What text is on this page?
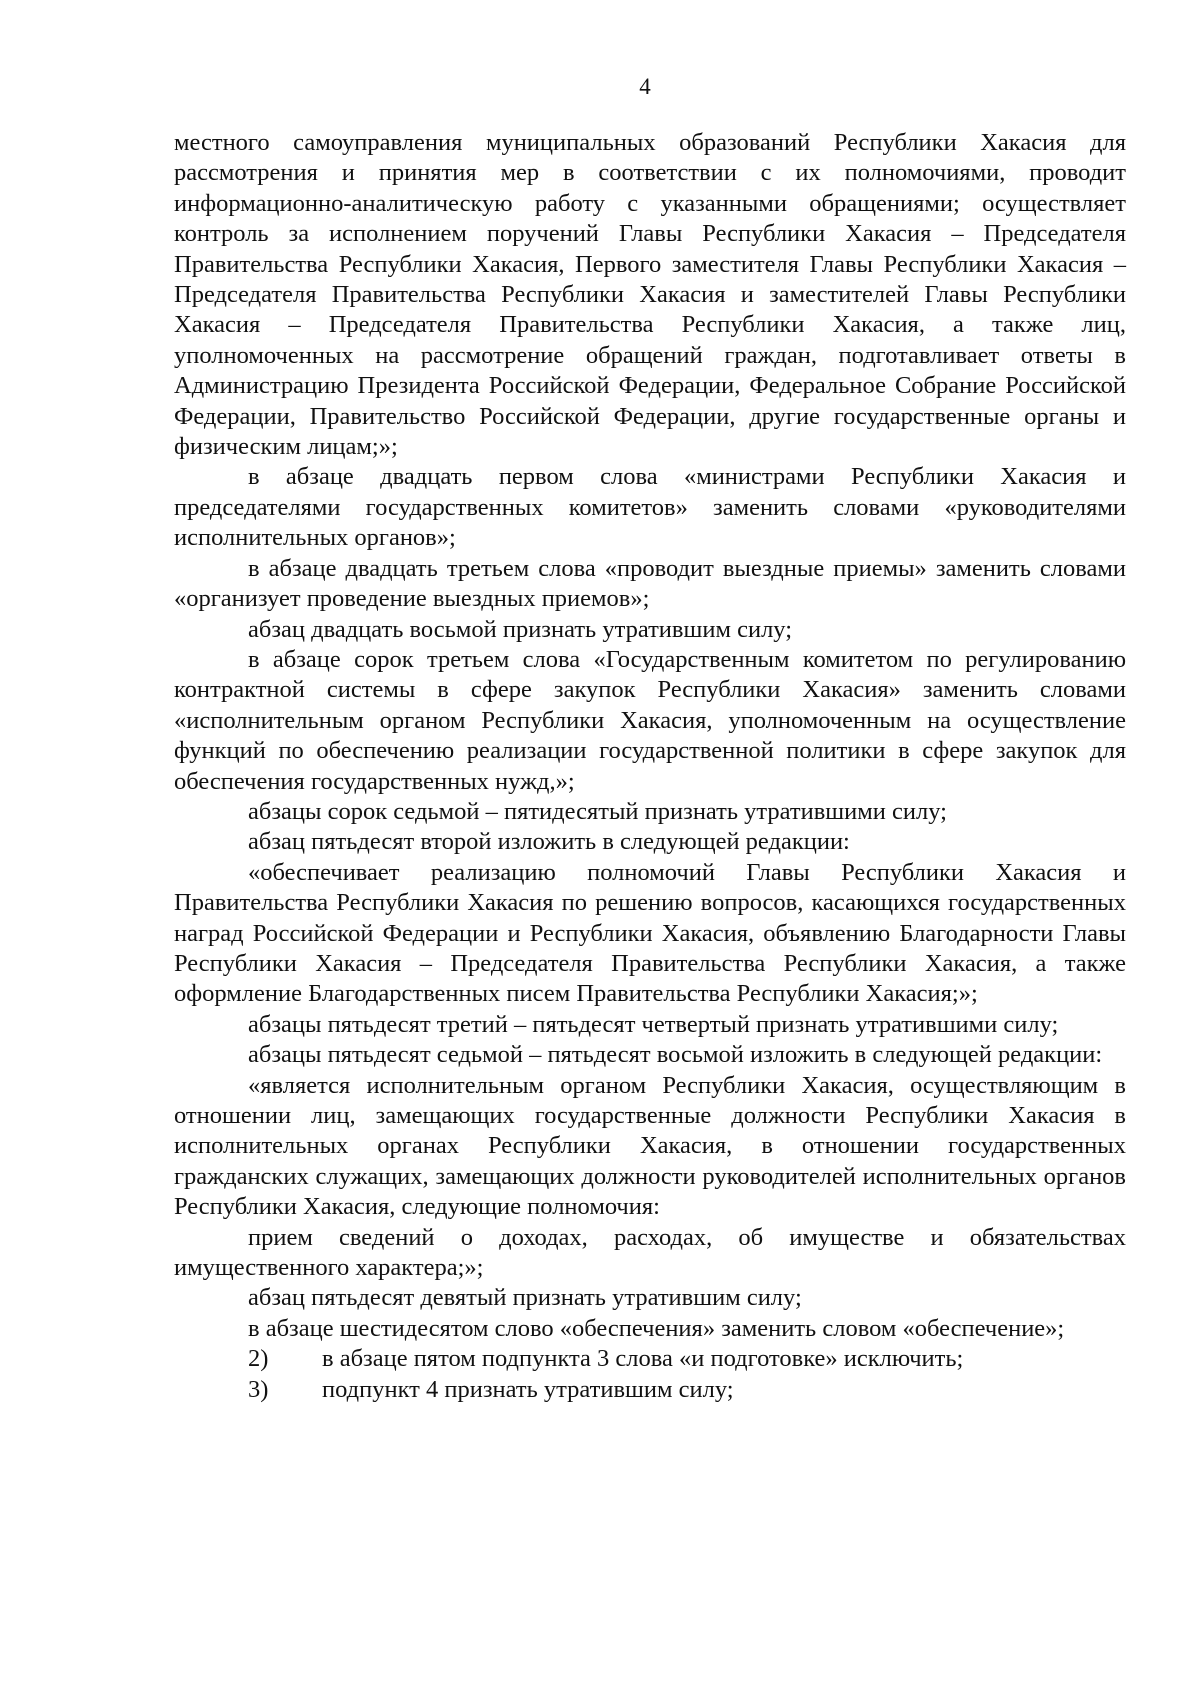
4

местного самоуправления муниципальных образований Республики Хакасия для рассмотрения и принятия мер в соответствии с их полномочиями, проводит информационно-аналитическую работу с указанными обращениями; осуществляет контроль за исполнением поручений Главы Республики Хакасия – Председателя Правительства Республики Хакасия, Первого заместителя Главы Республики Хакасия – Председателя Правительства Республики Хакасия и заместителей Главы Республики Хакасия – Председателя Правительства Республики Хакасия, а также лиц, уполномоченных на рассмотрение обращений граждан, подготавливает ответы в Администрацию Президента Российской Федерации, Федеральное Собрание Российской Федерации, Правительство Российской Федерации, другие государственные органы и физическим лицам;»;

в абзаце двадцать первом слова «министрами Республики Хакасия и председателями государственных комитетов» заменить словами «руководителями исполнительных органов»;

в абзаце двадцать третьем слова «проводит выездные приемы» заменить словами «организует проведение выездных приемов»;

абзац двадцать восьмой признать утратившим силу;

в абзаце сорок третьем слова «Государственным комитетом по регулированию контрактной системы в сфере закупок Республики Хакасия» заменить словами «исполнительным органом Республики Хакасия, уполномоченным на осуществление функций по обеспечению реализации государственной политики в сфере закупок для обеспечения государственных нужд,»;

абзацы сорок седьмой – пятидесятый признать утратившими силу;

абзац пятьдесят второй изложить в следующей редакции:

«обеспечивает реализацию полномочий Главы Республики Хакасия и Правительства Республики Хакасия по решению вопросов, касающихся государственных наград Российской Федерации и Республики Хакасия, объявлению Благодарности Главы Республики Хакасия – Председателя Правительства Республики Хакасия, а также оформление Благодарственных писем Правительства Республики Хакасия;»;

абзацы пятьдесят третий – пятьдесят четвертый признать утратившими силу;

абзацы пятьдесят седьмой – пятьдесят восьмой изложить в следующей редакции:

«является исполнительным органом Республики Хакасия, осуществляющим в отношении лиц, замещающих государственные должности Республики Хакасия в исполнительных органах Республики Хакасия, в отношении государственных гражданских служащих, замещающих должности руководителей исполнительных органов Республики Хакасия, следующие полномочия:

прием сведений о доходах, расходах, об имуществе и обязательствах имущественного характера;»;

абзац пятьдесят девятый признать утратившим силу;

в абзаце шестидесятом слово «обеспечения» заменить словом «обеспечение»;

2)	в абзаце пятом подпункта 3 слова «и подготовке» исключить;
3)	подпункт 4 признать утратившим силу;
